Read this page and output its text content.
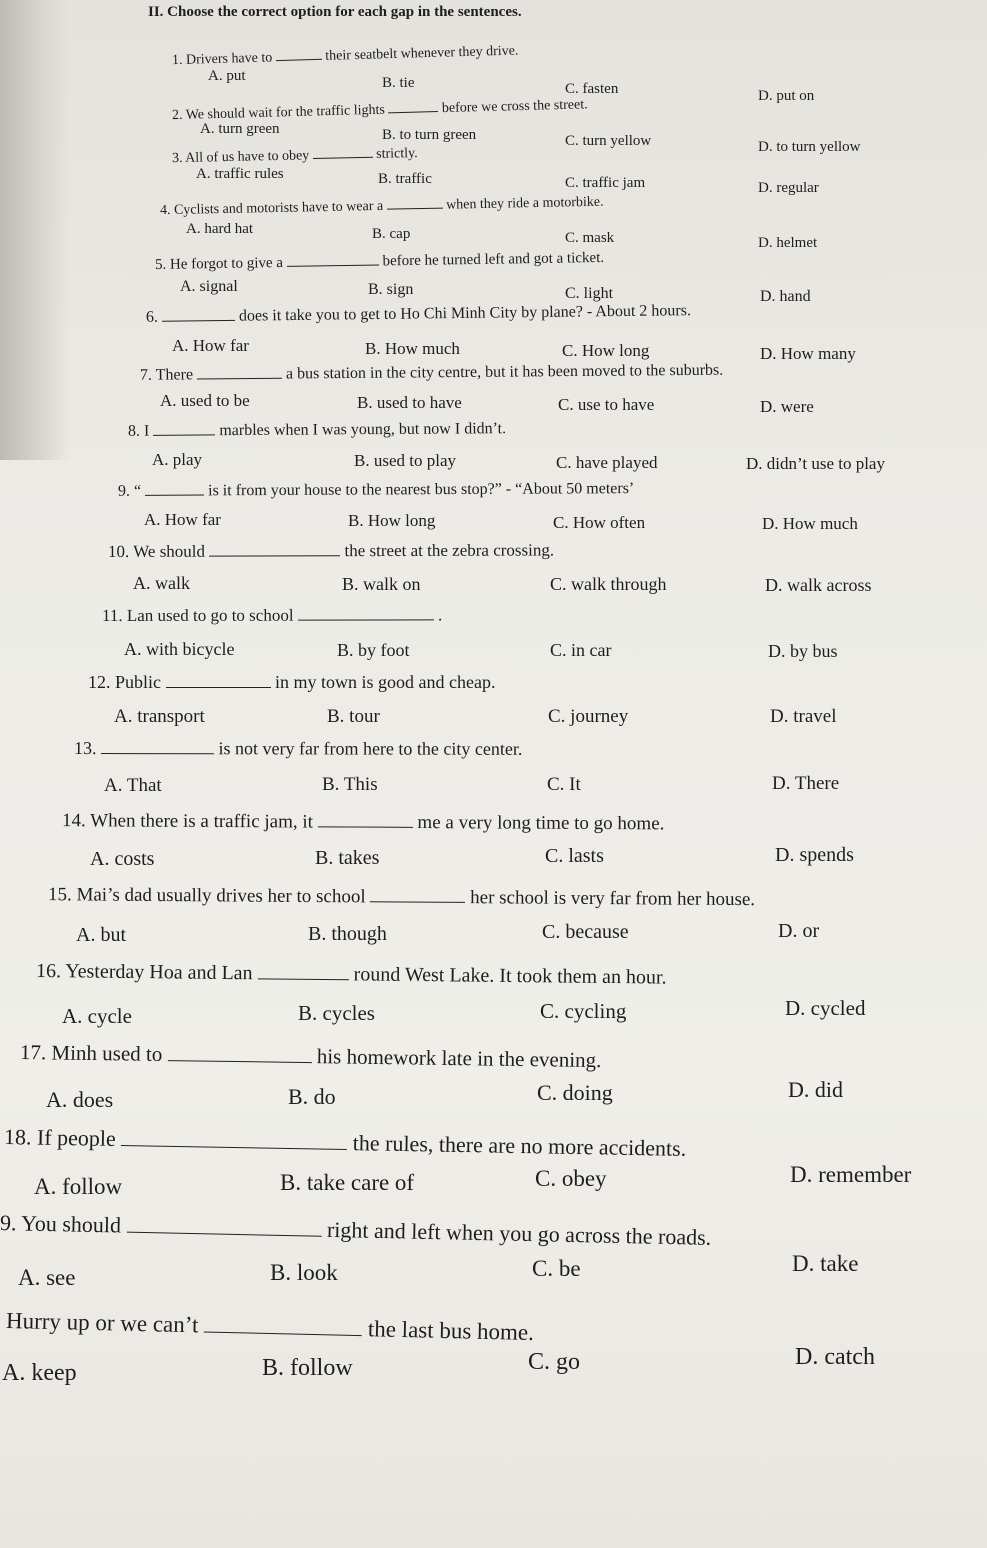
II. Choose the correct option for each gap in the sentences.
1. Drivers have to	their seatbelt whenever they drive.
A. put	B. tie	C. fasten	D. put on
2. We should wait for the traffic lights	before we cross the street.
A. turn green	B. to turn green	C. turn yellow	D. to turn yellow
3. All of us have to obey	strictly.
A. traffic rules	B. traffic	C. traffic jam	D. regular
4. Cyclists and motorists have to wear a	when they ride a motorbike.
A. hard hat	B. cap	C. mask	D. helmet
5. He forgot to give a	before he turned left and got a ticket.
A. signal	B. sign	C. light	D. hand
6.	does it take you to get to Ho Chi Minh City by plane? - About 2 hours.
A. How far	B. How much	C. How long	D. How many
7. There	a bus station in the city centre, but it has been moved to the suburbs.
A. used to be	B. used to have	C. use to have	D. were
8. I	marbles when I was young, but now I didn’t.
A. play	B. used to play	C. have played	D. didn’t use to play
9. “	is it from your house to the nearest bus stop?” - “About 50 meters’
A. How far	B. How long	C. How often	D. How much
10. We should	the street at the zebra crossing.
A. walk	B. walk on	C. walk through	D. walk across
11. Lan used to go to school	.
A. with bicycle	B. by foot	C. in car	D. by bus
12. Public	in my town is good and cheap.
A. transport	B. tour	C. journey	D. travel
13.	is not very far from here to the city center.
A. That	B. This	C. It	D. There
14. When there is a traffic jam, it	me a very long time to go home.
A. costs	B. takes	C. lasts	D. spends
15. Mai’s dad usually drives her to school	her school is very far from her house.
A. but	B. though	C. because	D. or
16. Yesterday Hoa and Lan	round West Lake. It took them an hour.
A. cycle	B. cycles	C. cycling	D. cycled
17. Minh used to	his homework late in the evening.
A. does	B. do	C. doing	D. did
18. If people	the rules, there are no more accidents.
A. follow	B. take care of	C. obey	D. remember
9. You should	right and left when you go across the roads.
A. see	B. look	C. be	D. take
Hurry up or we can’t	the last bus home.
A. keep	B. follow	C. go	D. catch
